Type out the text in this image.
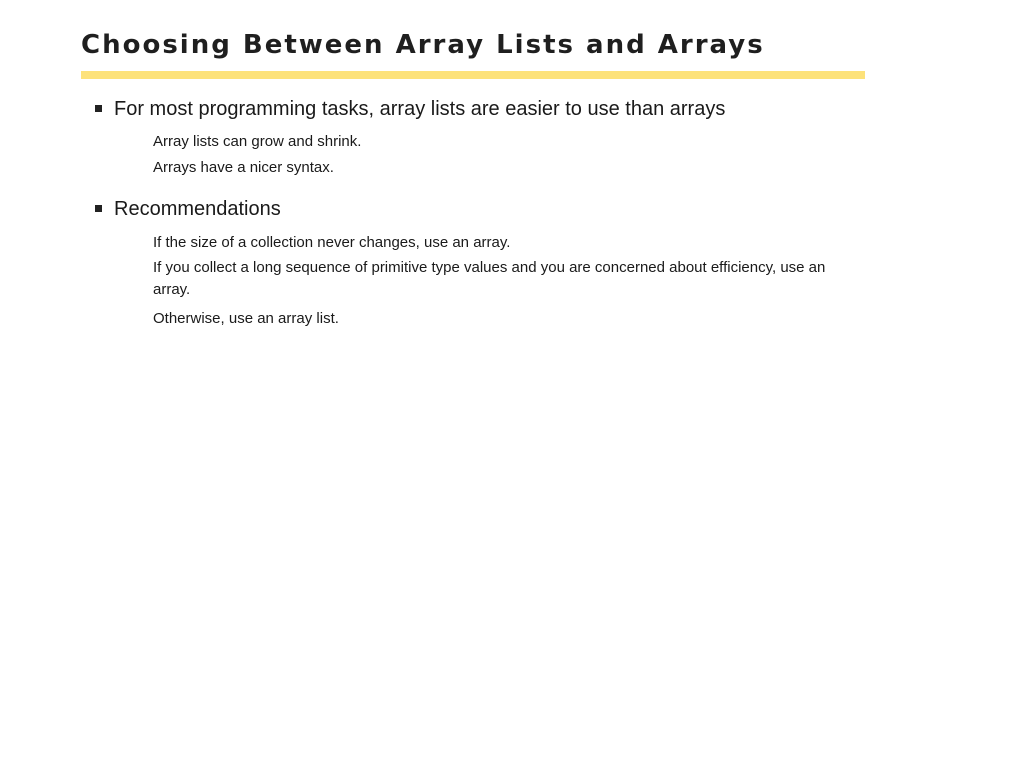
Choosing Between Array Lists and Arrays
For most programming tasks, array lists are easier to use than arrays
Array lists can grow and shrink.
Arrays have a nicer syntax.
Recommendations
If the size of a collection never changes, use an array.
If you collect a long sequence of primitive type values and you are concerned about efficiency, use an array.
Otherwise, use an array list.
